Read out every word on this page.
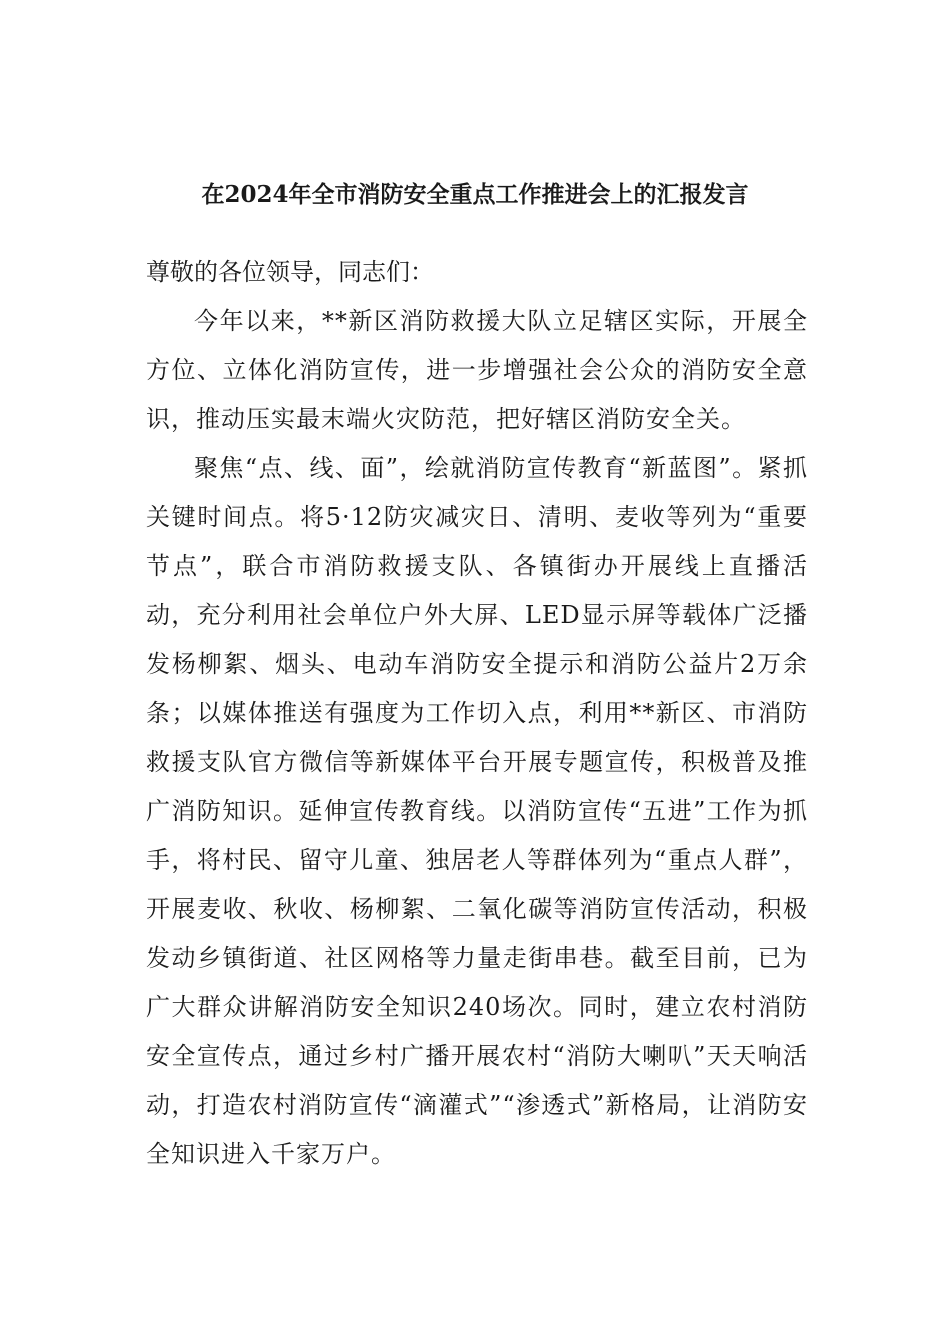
在2024年全市消防安全重点工作推进会上的汇报发言

尊敬的各位领导，同志们：

今年以来，**新区消防救援大队立足辖区实际，开展全方位、立体化消防宣传，进一步增强社会公众的消防安全意识，推动压实最末端火灾防范，把好辖区消防安全关。

聚焦“点、线、面”，绘就消防宣传教育“新蓝图”。紧抓关键时间点。将5·12防灾减灾日、清明、麦收等列为“重要节点”，联合市消防救援支队、各镇街办开展线上直播活动，充分利用社会单位户外大屏、LED显示屏等载体广泛播发杨柳絮、烟头、电动车消防安全提示和消防公益片2万余条；以媒体推送有强度为工作切入点，利用**新区、市消防救援支队官方微信等新媒体平台开展专题宣传，积极普及推广消防知识。延伸宣传教育线。以消防宣传“五进”工作为抓手，将村民、留守儿童、独居老人等群体列为“重点人群”，开展麦收、秋收、杨柳絮、二氧化碳等消防宣传活动，积极发动乡镇街道、社区网格等力量走街串巷。截至目前，已为广大群众讲解消防安全知识240场次。同时，建立农村消防安全宣传点，通过乡村广播开展农村“消防大喇叭”天天响活动，打造农村消防宣传“滴灌式”“渗透式”新格局，让消防安全知识进入千家万户。
